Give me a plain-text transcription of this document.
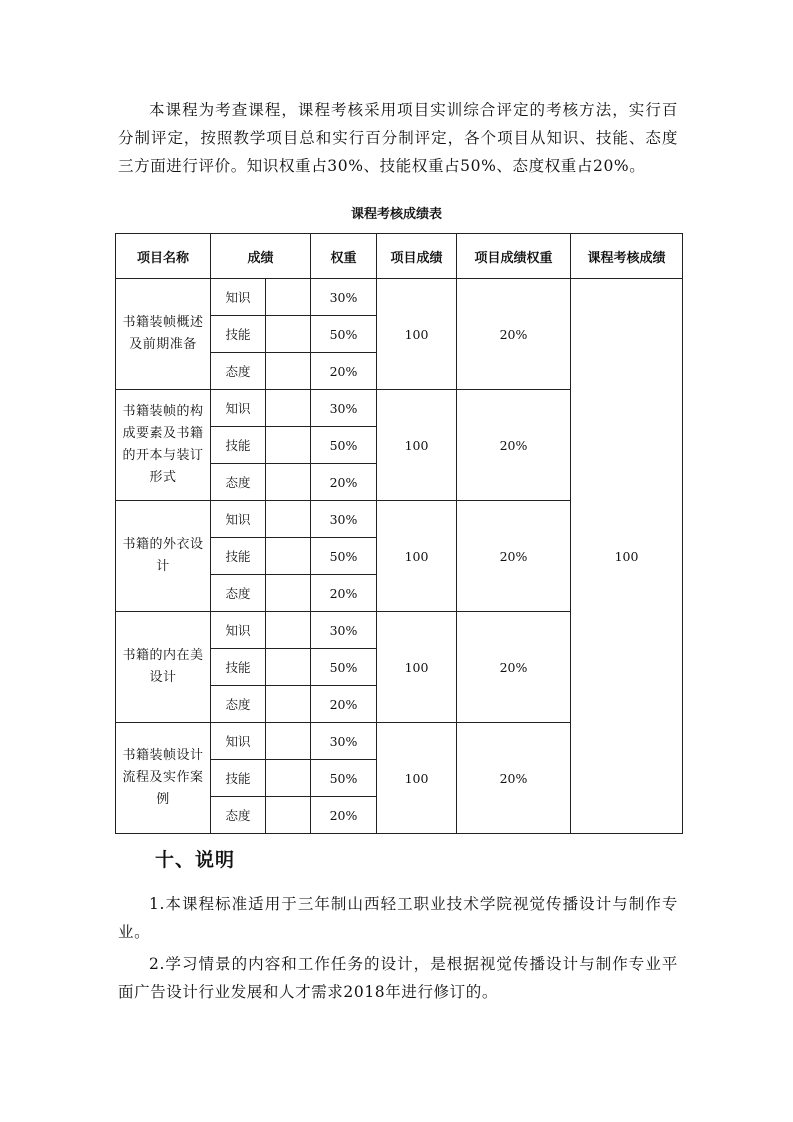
本课程为考查课程，课程考核采用项目实训综合评定的考核方法，实行百分制评定，按照教学项目总和实行百分制评定，各个项目从知识、技能、态度三方面进行评价。知识权重占30%、技能权重占50%、态度权重占20%。

课程考核成绩表

项目名称	成绩		权重	项目成绩	项目成绩权重	课程考核成绩
书籍装帧概述及前期准备	知识		30%	100	20%	100
	技能		50%			
	态度		20%			
书籍装帧的构成要素及书籍的开本与装订形式	知识		30%	100	20%	
	技能		50%			
	态度		20%			
书籍的外衣设计	知识		30%	100	20%	
	技能		50%			
	态度		20%			
书籍的内在美设计	知识		30%	100	20%	
	技能		50%			
	态度		20%			
书籍装帧设计流程及实作案例	知识		30%	100	20%	
	技能		50%			
	态度		20%			

十、说明

1.本课程标准适用于三年制山西轻工职业技术学院视觉传播设计与制作专业。

2.学习情景的内容和工作任务的设计，是根据视觉传播设计与制作专业平面广告设计行业发展和人才需求2018年进行修订的。
